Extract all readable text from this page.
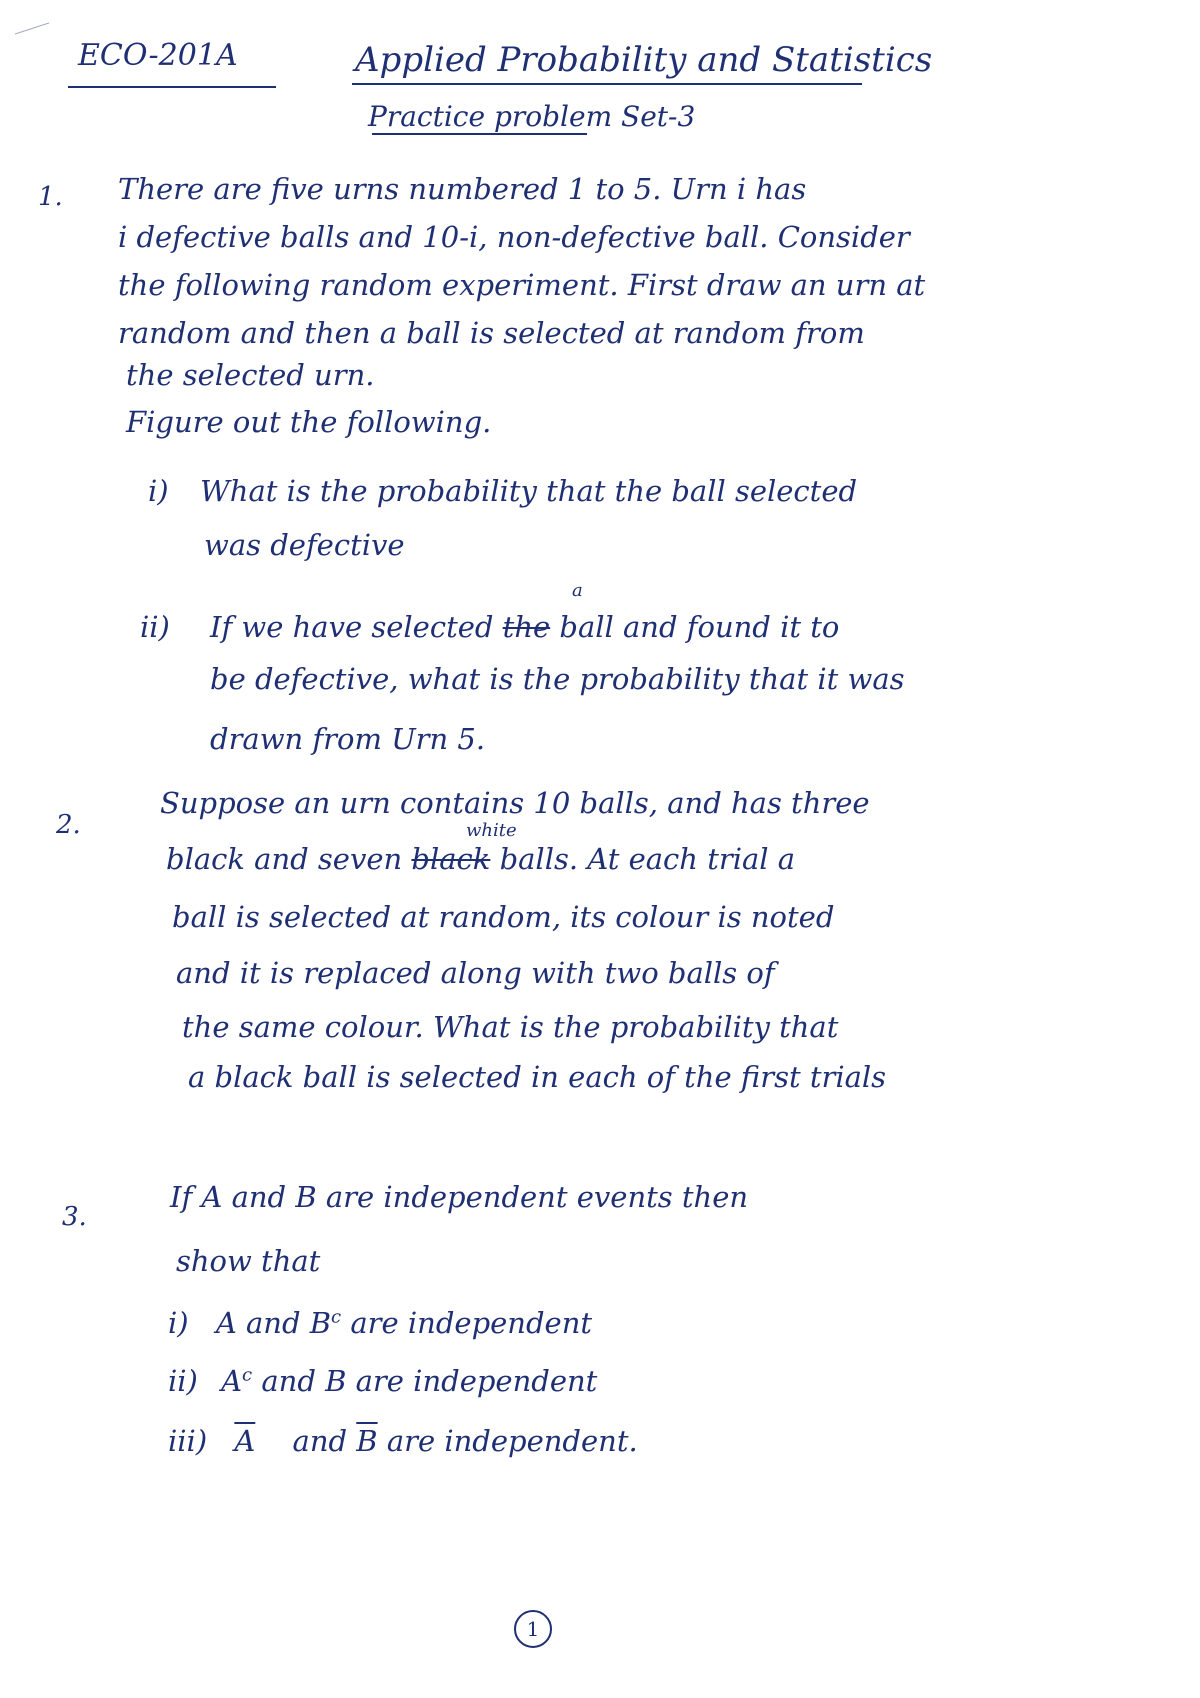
ECO-201A	Applied Probability and Statistics
Practice problem Set-3
1. There are five urns numbered 1 to 5. Urn i has
i defective balls and 10-i, non-defective ball. Consider
the following random experiment. First draw an urn at
random and then a ball is selected at random from
the selected urn.
Figure out the following.
i) What is the probability that the ball selected
was defective
a
ii) If we have selected the ball and found it to
be defective, what is the probability that it was
drawn from Urn 5.
2.
Suppose an urn contains 10 balls, and has three
white
black and seven black balls. At each trial a
ball is selected at random, its colour is noted
and it is replaced along with two balls of
the same colour. What is the probability that
a black ball is selected in each of the first trials
3.
If A and B are independent events then
show that
i) A and $B^c$ are independent
ii) $A^c$ and B are independent
iii) $\overline{A}$ and $\overline{B}$ are independent.
1
